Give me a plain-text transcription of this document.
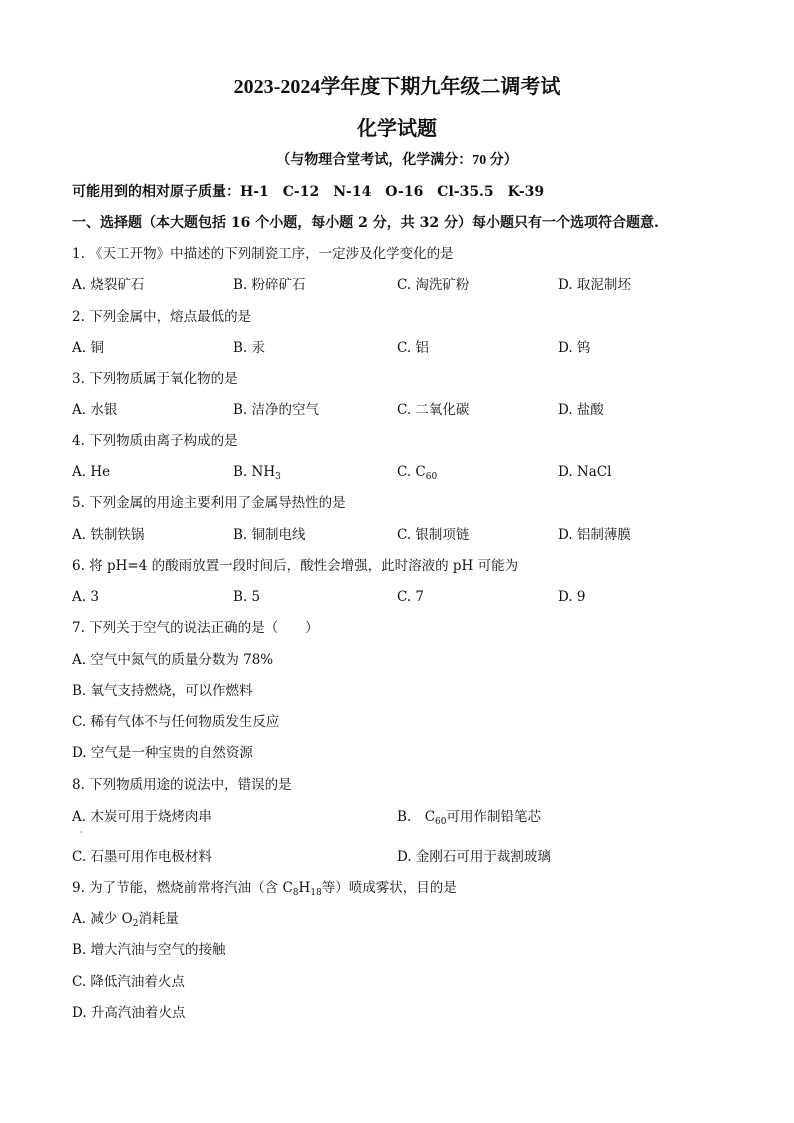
2023-2024学年度下期九年级二调考试
化学试题
（与物理合堂考试，化学满分：70 分）
可能用到的相对原子质量：H-1　C-12　N-14　O-16　Cl-35.5　K-39
一、选择题（本大题包括 16 个小题，每小题 2 分，共 32 分）每小题只有一个选项符合题意.
1. 《天工开物》中描述的下列制瓷工序，一定涉及化学变化的是
A. 烧裂矿石	B. 粉碎矿石	C. 淘洗矿粉	D. 取泥制坯
2. 下列金属中，熔点最低的是
A. 铜	B. 汞	C. 铝	D. 钨
3. 下列物质属于氧化物的是
A. 水银	B. 洁净的空气	C. 二氧化碳	D. 盐酸
4. 下列物质由离子构成的是
A. He	B. $NH_3$	C. $C_{60}$	D. NaCl
5. 下列金属的用途主要利用了金属导热性的是
A. 铁制铁锅	B. 铜制电线	C. 银制项链	D. 铝制薄膜
6. 将 pH=4 的酸雨放置一段时间后，酸性会增强，此时溶液的 pH 可能为
A. 3	B. 5	C. 7	D. 9
7. 下列关于空气的说法正确的是（　　）
A. 空气中氮气的质量分数为 78%
B. 氧气支持燃烧，可以作燃料
C. 稀有气体不与任何物质发生反应
D. 空气是一种宝贵的自然资源
8. 下列物质用途的说法中，错误的是
A. 木炭可用于烧烤肉串
·
B.　$C_{60}$可用作制铅笔芯
C. 石墨可用作电极材料	D. 金刚石可用于裁割玻璃
9. 为了节能，燃烧前常将汽油（含 $C_8H_{18}$等）喷成雾状，目的是
A. 减少 $O_2$消耗量
B. 增大汽油与空气的接触
C. 降低汽油着火点
D. 升高汽油着火点
